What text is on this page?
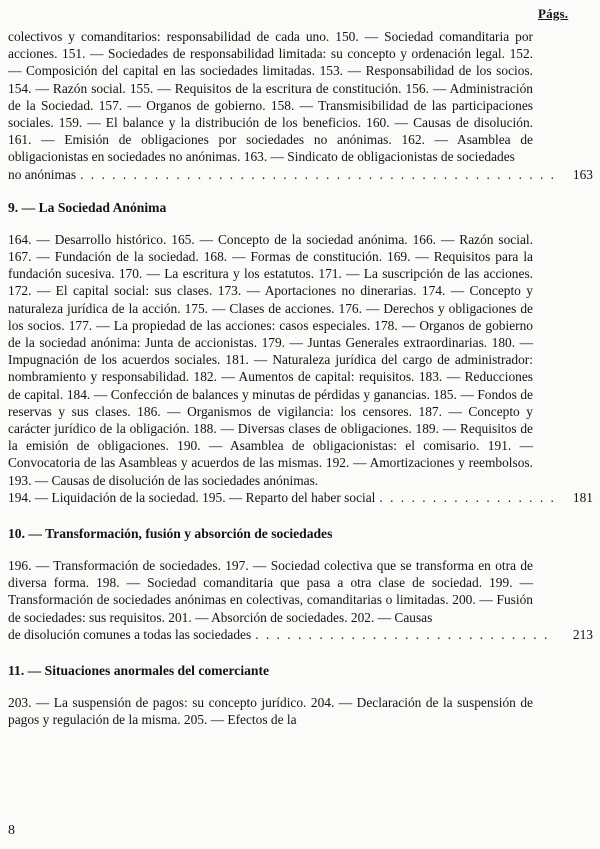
Págs.
colectivos y comanditarios: responsabilidad de cada uno. 150. — Sociedad comanditaria por acciones. 151. — Sociedades de responsabilidad limitada: su concepto y ordenación legal. 152. — Composición del capital en las sociedades limitadas. 153. — Responsabilidad de los socios. 154. — Razón social. 155. — Requisitos de la escritura de constitución. 156. — Administración de la Sociedad. 157. — Organos de gobierno. 158. — Transmisibilidad de las participaciones sociales. 159. — El balance y la distribución de los beneficios. 160. — Causas de disolución. 161. — Emisión de obligaciones por sociedades no anónimas. 162. — Asamblea de obligacionistas en sociedades no anónimas. 163. — Sindicato de obligacionistas de sociedades
no anónimas . . .	163
9. — La Sociedad Anónima
164. — Desarrollo histórico. 165. — Concepto de la sociedad anónima. 166. — Razón social. 167. — Fundación de la sociedad. 168. — Formas de constitución. 169. — Requisitos para la fundación sucesiva. 170. — La escritura y los estatutos. 171. — La suscripción de las acciones. 172. — El capital social: sus clases. 173. — Aportaciones no dinerarias. 174. — Concepto y naturaleza jurídica de la acción. 175. — Clases de acciones. 176. — Derechos y obligaciones de los socios. 177. — La propiedad de las acciones: casos especiales. 178. — Organos de gobierno de la sociedad anónima: Junta de accionistas. 179. — Juntas Generales extraordinarias. 180. — Impugnación de los acuerdos sociales. 181. — Naturaleza jurídica del cargo de administrador: nombramiento y responsabilidad. 182. — Aumentos de capital: requisitos. 183. — Reducciones de capital. 184. — Confección de balances y minutas de pérdidas y ganancias. 185. — Fondos de reservas y sus clases. 186. — Organismos de vigilancia: los censores. 187. — Concepto y carácter jurídico de la obligación. 188. — Diversas clases de obligaciones. 189. — Requisitos de la emisión de obligaciones. 190. — Asamblea de obligacionistas: el comisario. 191. — Convocatoria de las Asambleas y acuerdos de las mismas. 192. — Amortizaciones y reembolsos. 193. — Causas de disolución de las sociedades anónimas.
194. — Liquidación de la sociedad. 195. — Reparto del haber social . . .	181
10. — Transformación, fusión y absorción de sociedades
196. — Transformación de sociedades. 197. — Sociedad colectiva que se transforma en otra de diversa forma. 198. — Sociedad comanditaria que pasa a otra clase de sociedad. 199. — Transformación de sociedades anónimas en colectivas, comanditarias o limitadas. 200. — Fusión de sociedades: sus requisitos. 201. — Absorción de sociedades. 202. — Causas
de disolución comunes a todas las sociedades . . .	213
11. — Situaciones anormales del comerciante
203. — La suspensión de pagos: su concepto jurídico. 204. — Declaración de la suspensión de pagos y regulación de la misma. 205. — Efectos de la
8
